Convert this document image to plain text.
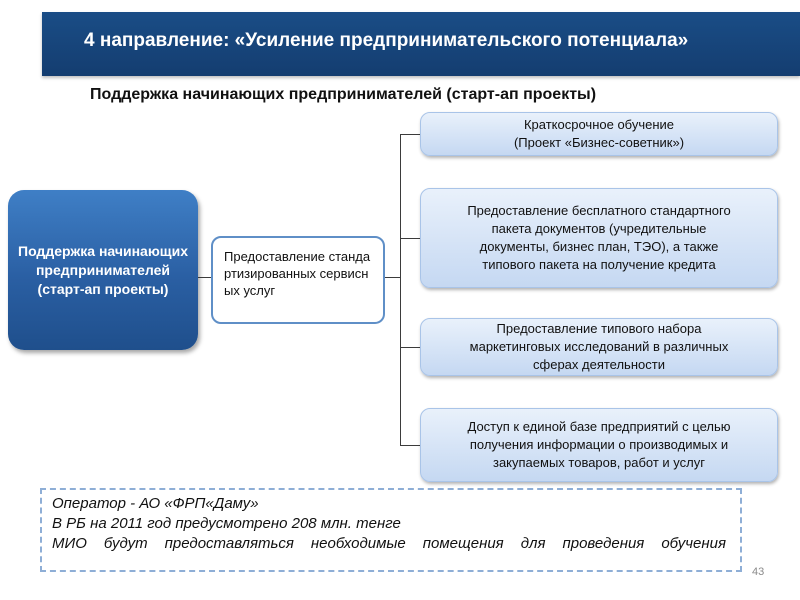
4 направление: «Усиление предпринимательского потенциала»
Поддержка начинающих предпринимателей (старт-ап проекты)
Поддержка начинающих предпринимателей (старт-ап проекты)
Предоставление стандартизированных сервисных услуг
Краткосрочное обучение
(Проект «Бизнес-советник»)
Предоставление бесплатного стандартного
пакета документов (учредительные
документы, бизнес план, ТЭО), а также
типового пакета на получение кредита
Предоставление типового набора
маркетинговых исследований в различных
сферах деятельности
Доступ к единой базе предприятий с целью
получения информации о производимых и
закупаемых товаров, работ и услуг
Оператор - АО «ФРП«Даму»
В РБ на 2011 год предусмотрено 208 млн. тенге
МИО будут предоставляться необходимые помещения для проведения обучения
43
